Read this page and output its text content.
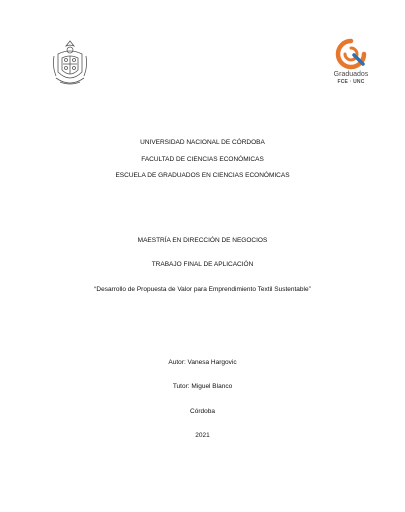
Graduados
FCE · UNC
UNIVERSIDAD NACIONAL DE CÓRDOBA
FACULTAD DE CIENCIAS ECONÓMICAS
ESCUELA DE GRADUADOS EN CIENCIAS ECONÓMICAS
MAESTRÍA EN DIRECCIÓN DE NEGOCIOS
TRABAJO FINAL DE APLICACIÓN
“Desarrollo de Propuesta de Valor para Emprendimiento Textil Sustentable”
Autor: Vanesa Hargovic
Tutor: Miguel Blanco
Córdoba
2021
